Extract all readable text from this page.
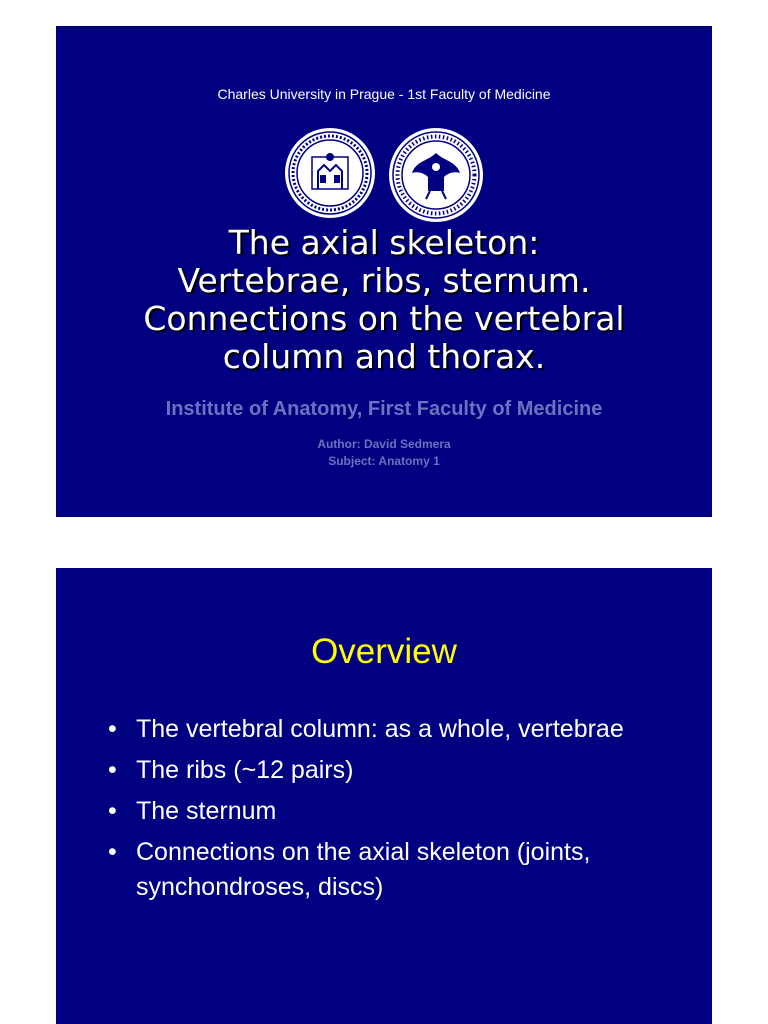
Charles University in Prague - 1st Faculty of Medicine

The axial skeleton:
Vertebrae, ribs, sternum.
Connections on the vertebral
column and thorax.
Institute of Anatomy, First Faculty of Medicine
Author: David Sedmera
Subject: Anatomy 1
Overview
• The vertebral column: as a whole, vertebrae
• The ribs (~12 pairs)
• The sternum
• Connections on the axial skeleton (joints, synchondroses, discs)
